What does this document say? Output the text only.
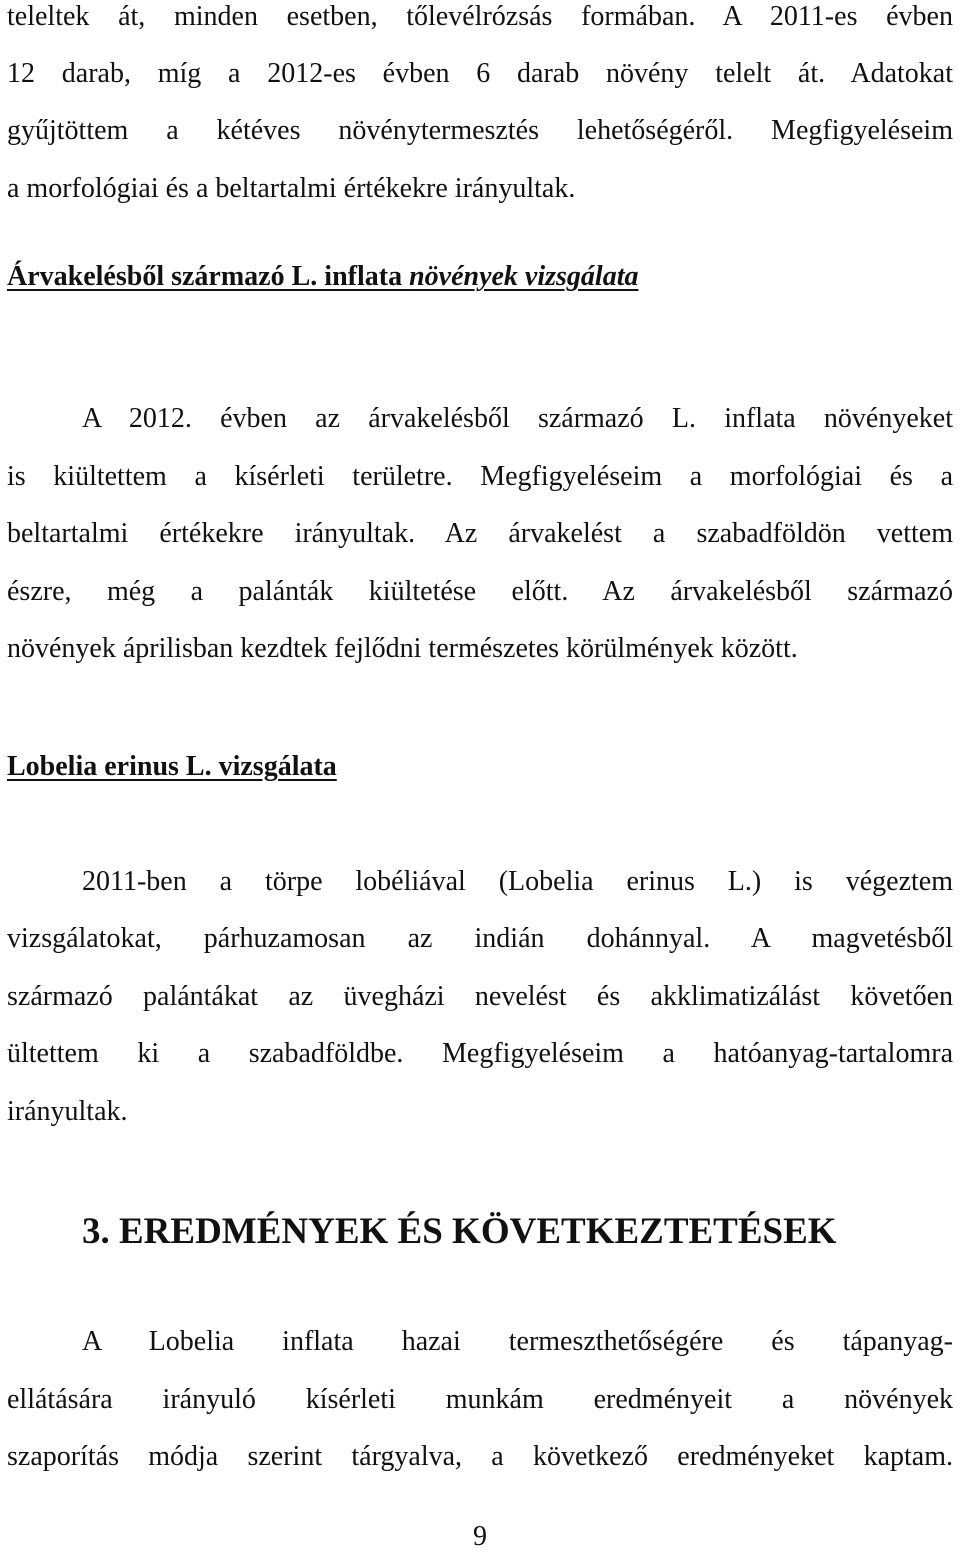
teleltek át, minden esetben, tőlevélrózsás formában. A 2011-es évben
12 darab, míg a 2012-es évben 6 darab növény telelt át. Adatokat
gyűjtöttem a kétéves növénytermesztés lehetőségéről. Megfigyeléseim
a morfológiai és a beltartalmi értékekre irányultak.
Árvakelésből származó L. inflata növények vizsgálata
A 2012. évben az árvakelésből származó L. inflata növényeket
is kiültettem a kísérleti területre. Megfigyeléseim a morfológiai és a
beltartalmi értékekre irányultak. Az árvakelést a szabadföldön vettem
észre, még a palánták kiültetése előtt. Az árvakelésből származó
növények áprilisban kezdtek fejlődni természetes körülmények között.
Lobelia erinus L. vizsgálata
2011-ben a törpe lobéliával (Lobelia erinus L.) is végeztem
vizsgálatokat, párhuzamosan az indián dohánnyal. A magvetésből
származó palántákat az üvegházi nevelést és akklimatizálást követően
ültettem ki a szabadföldbe. Megfigyeléseim a hatóanyag-tartalomra
irányultak.
3. EREDMÉNYEK ÉS KÖVETKEZTETÉSEK
A Lobelia inflata hazai termeszthetőségére és tápanyag-
ellátására irányuló kísérleti munkám eredményeit a növények
szaporítás módja szerint tárgyalva, a következő eredményeket kaptam.
9
